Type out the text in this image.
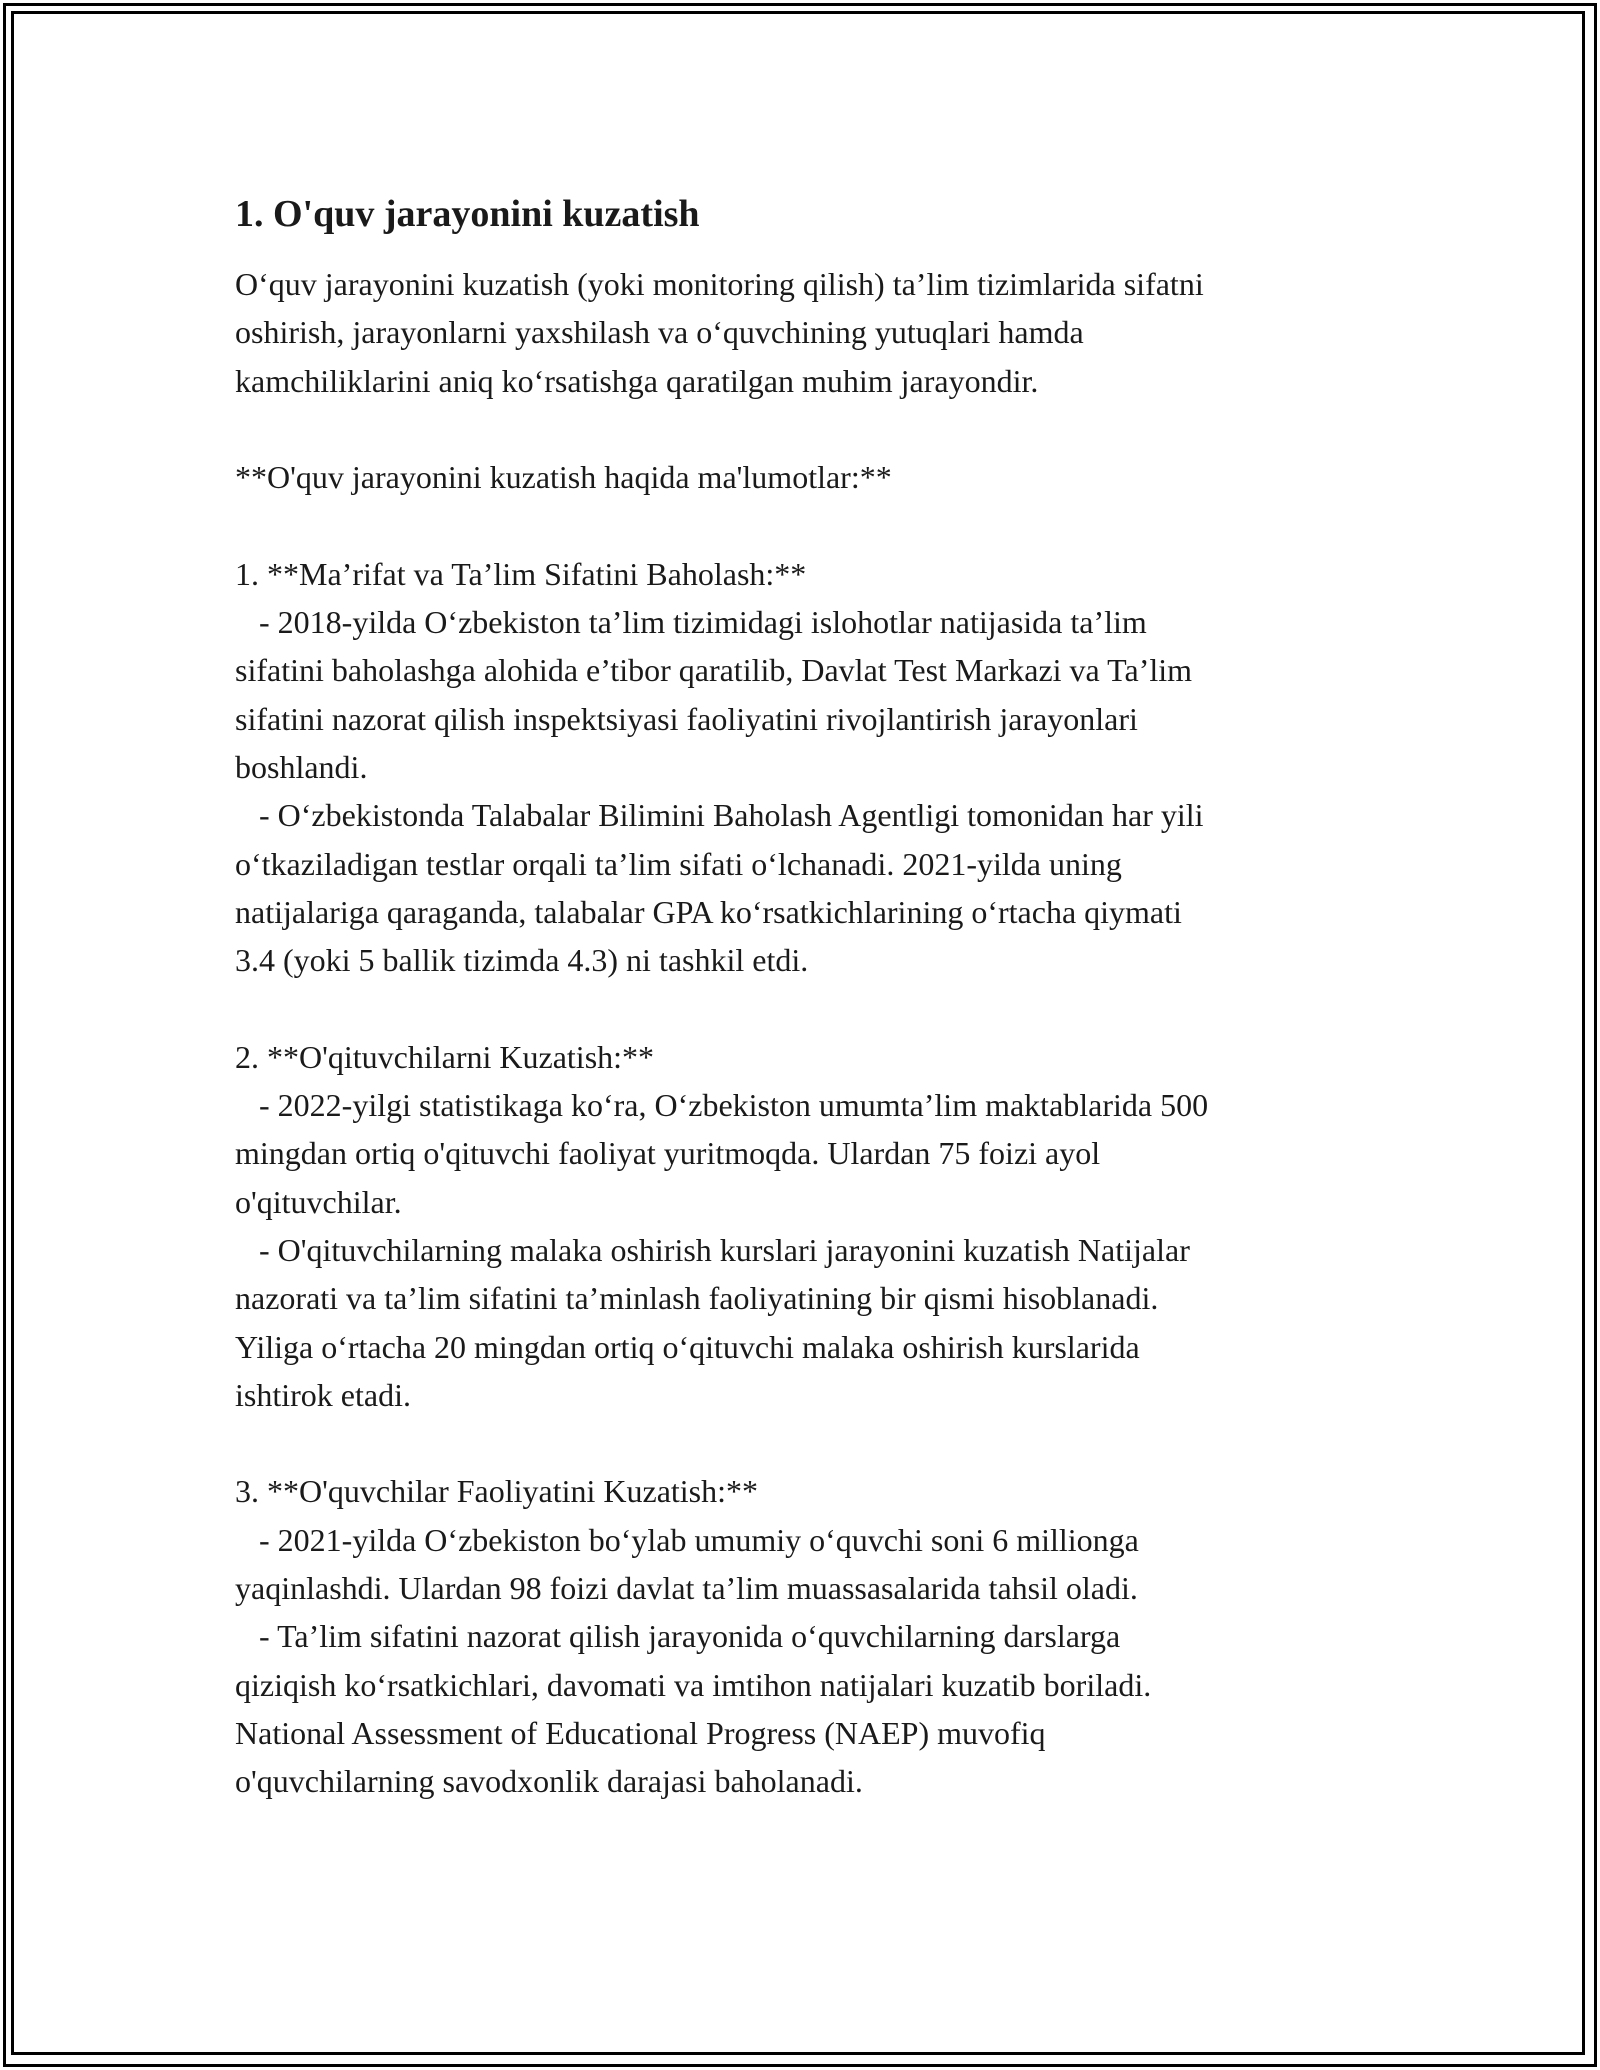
1. O'quv jarayonini kuzatish
O‘quv jarayonini kuzatish (yoki monitoring qilish) ta’lim tizimlarida sifatni
oshirish, jarayonlarni yaxshilash va o‘quvchining yutuqlari hamda
kamchiliklarini aniq ko‘rsatishga qaratilgan muhim jarayondir.
**O'quv jarayonini kuzatish haqida ma'lumotlar:**
1. **Ma’rifat va Ta’lim Sifatini Baholash:**
- 2018-yilda O‘zbekiston ta’lim tizimidagi islohotlar natijasida ta’lim
sifatini baholashga alohida e’tibor qaratilib, Davlat Test Markazi va Ta’lim
sifatini nazorat qilish inspektsiyasi faoliyatini rivojlantirish jarayonlari
boshlandi.
- O‘zbekistonda Talabalar Bilimini Baholash Agentligi tomonidan har yili
o‘tkaziladigan testlar orqali ta’lim sifati o‘lchanadi. 2021-yilda uning
natijalariga qaraganda, talabalar GPA ko‘rsatkichlarining o‘rtacha qiymati
3.4 (yoki 5 ballik tizimda 4.3) ni tashkil etdi.
2. **O'qituvchilarni Kuzatish:**
- 2022-yilgi statistikaga ko‘ra, O‘zbekiston umumta’lim maktablarida 500
mingdan ortiq o'qituvchi faoliyat yuritmoqda. Ulardan 75 foizi ayol
o'qituvchilar.
- O'qituvchilarning malaka oshirish kurslari jarayonini kuzatish Natijalar
nazorati va ta’lim sifatini ta’minlash faoliyatining bir qismi hisoblanadi.
Yiliga o‘rtacha 20 mingdan ortiq o‘qituvchi malaka oshirish kurslarida
ishtirok etadi.
3. **O'quvchilar Faoliyatini Kuzatish:**
- 2021-yilda O‘zbekiston bo‘ylab umumiy o‘quvchi soni 6 millionga
yaqinlashdi. Ulardan 98 foizi davlat ta’lim muassasalarida tahsil oladi.
- Ta’lim sifatini nazorat qilish jarayonida o‘quvchilarning darslarga
qiziqish ko‘rsatkichlari, davomati va imtihon natijalari kuzatib boriladi.
National Assessment of Educational Progress (NAEP) muvofiq
o'quvchilarning savodxonlik darajasi baholanadi.
